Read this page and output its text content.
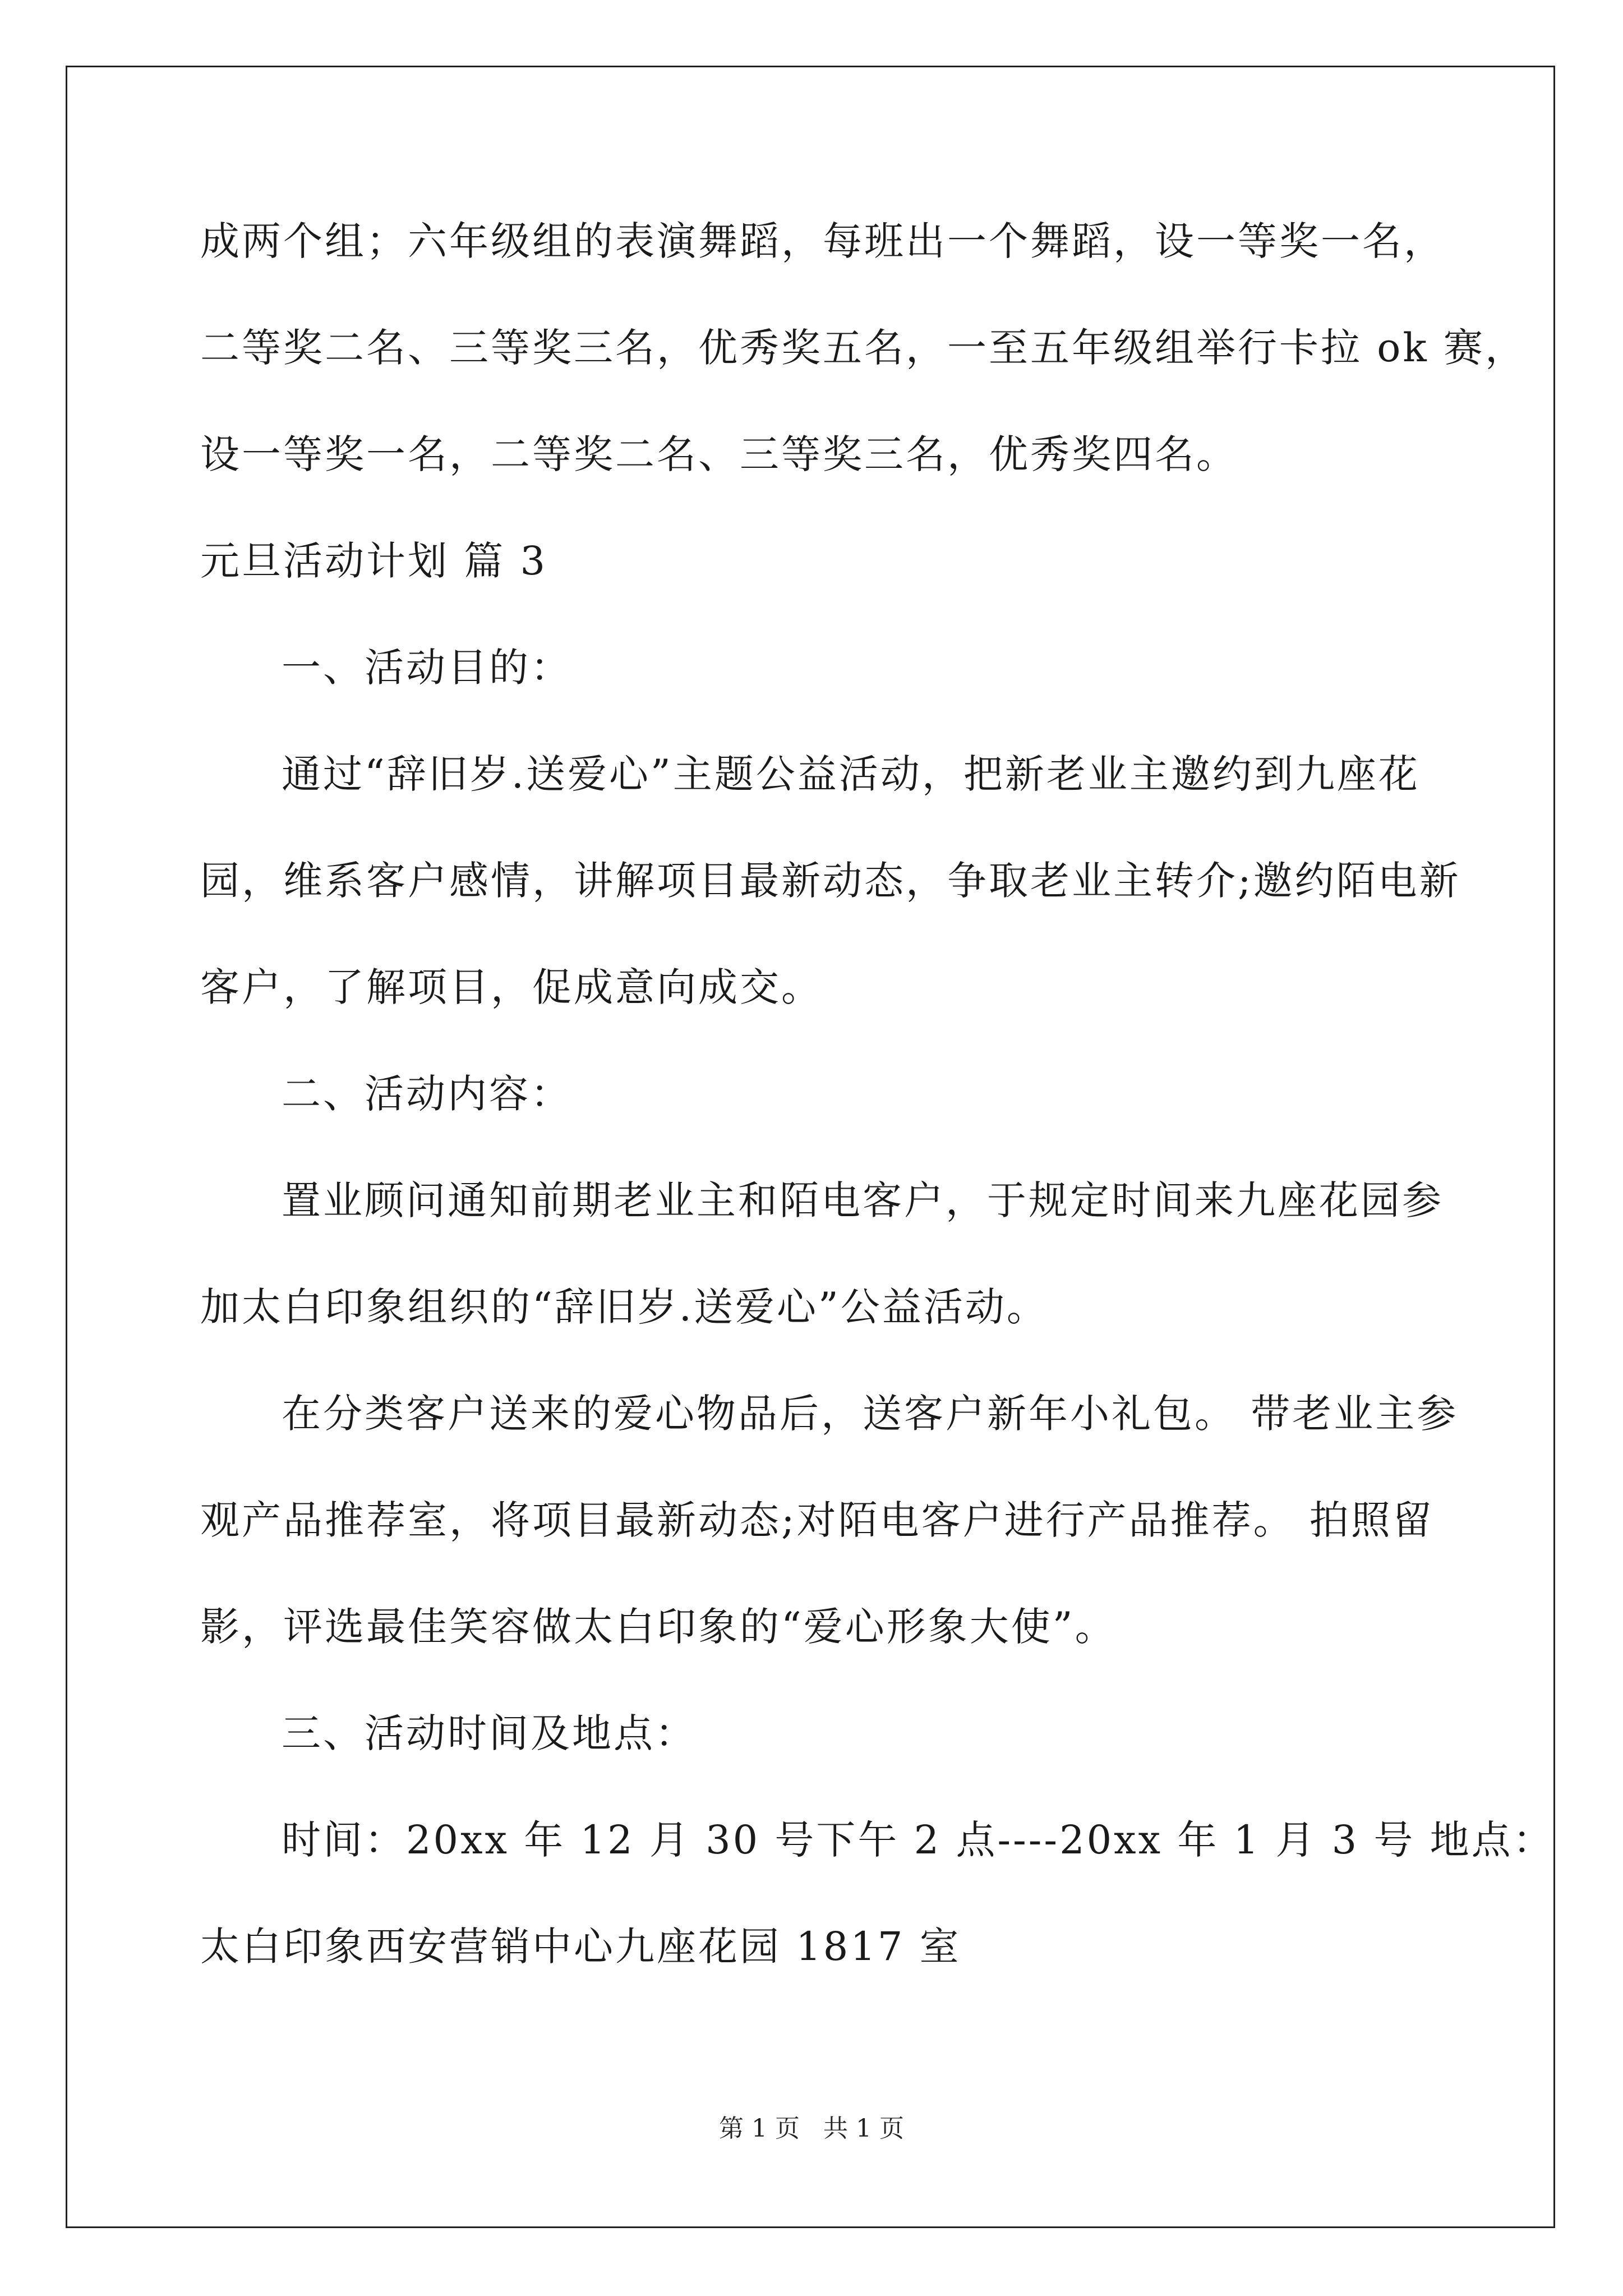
成两个组；六年级组的表演舞蹈，每班出一个舞蹈，设一等奖一名，
二等奖二名、三等奖三名，优秀奖五名，一至五年级组举行卡拉 ok 赛，
设一等奖一名，二等奖二名、三等奖三名，优秀奖四名。
元旦活动计划 篇 3
一、活动目的：
通过“辞旧岁.送爱心”主题公益活动，把新老业主邀约到九座花
园，维系客户感情，讲解项目最新动态，争取老业主转介;邀约陌电新
客户，了解项目，促成意向成交。
二、活动内容：
置业顾问通知前期老业主和陌电客户，于规定时间来九座花园参
加太白印象组织的“辞旧岁.送爱心”公益活动。
在分类客户送来的爱心物品后，送客户新年小礼包。 带老业主参
观产品推荐室，将项目最新动态;对陌电客户进行产品推荐。 拍照留
影，评选最佳笑容做太白印象的“爱心形象大使”。
三、活动时间及地点：
时间：20xx 年 12 月 30 号下午 2 点----20xx 年 1 月 3 号 地点：
太白印象西安营销中心九座花园 1817 室
第 1 页   共 1 页
